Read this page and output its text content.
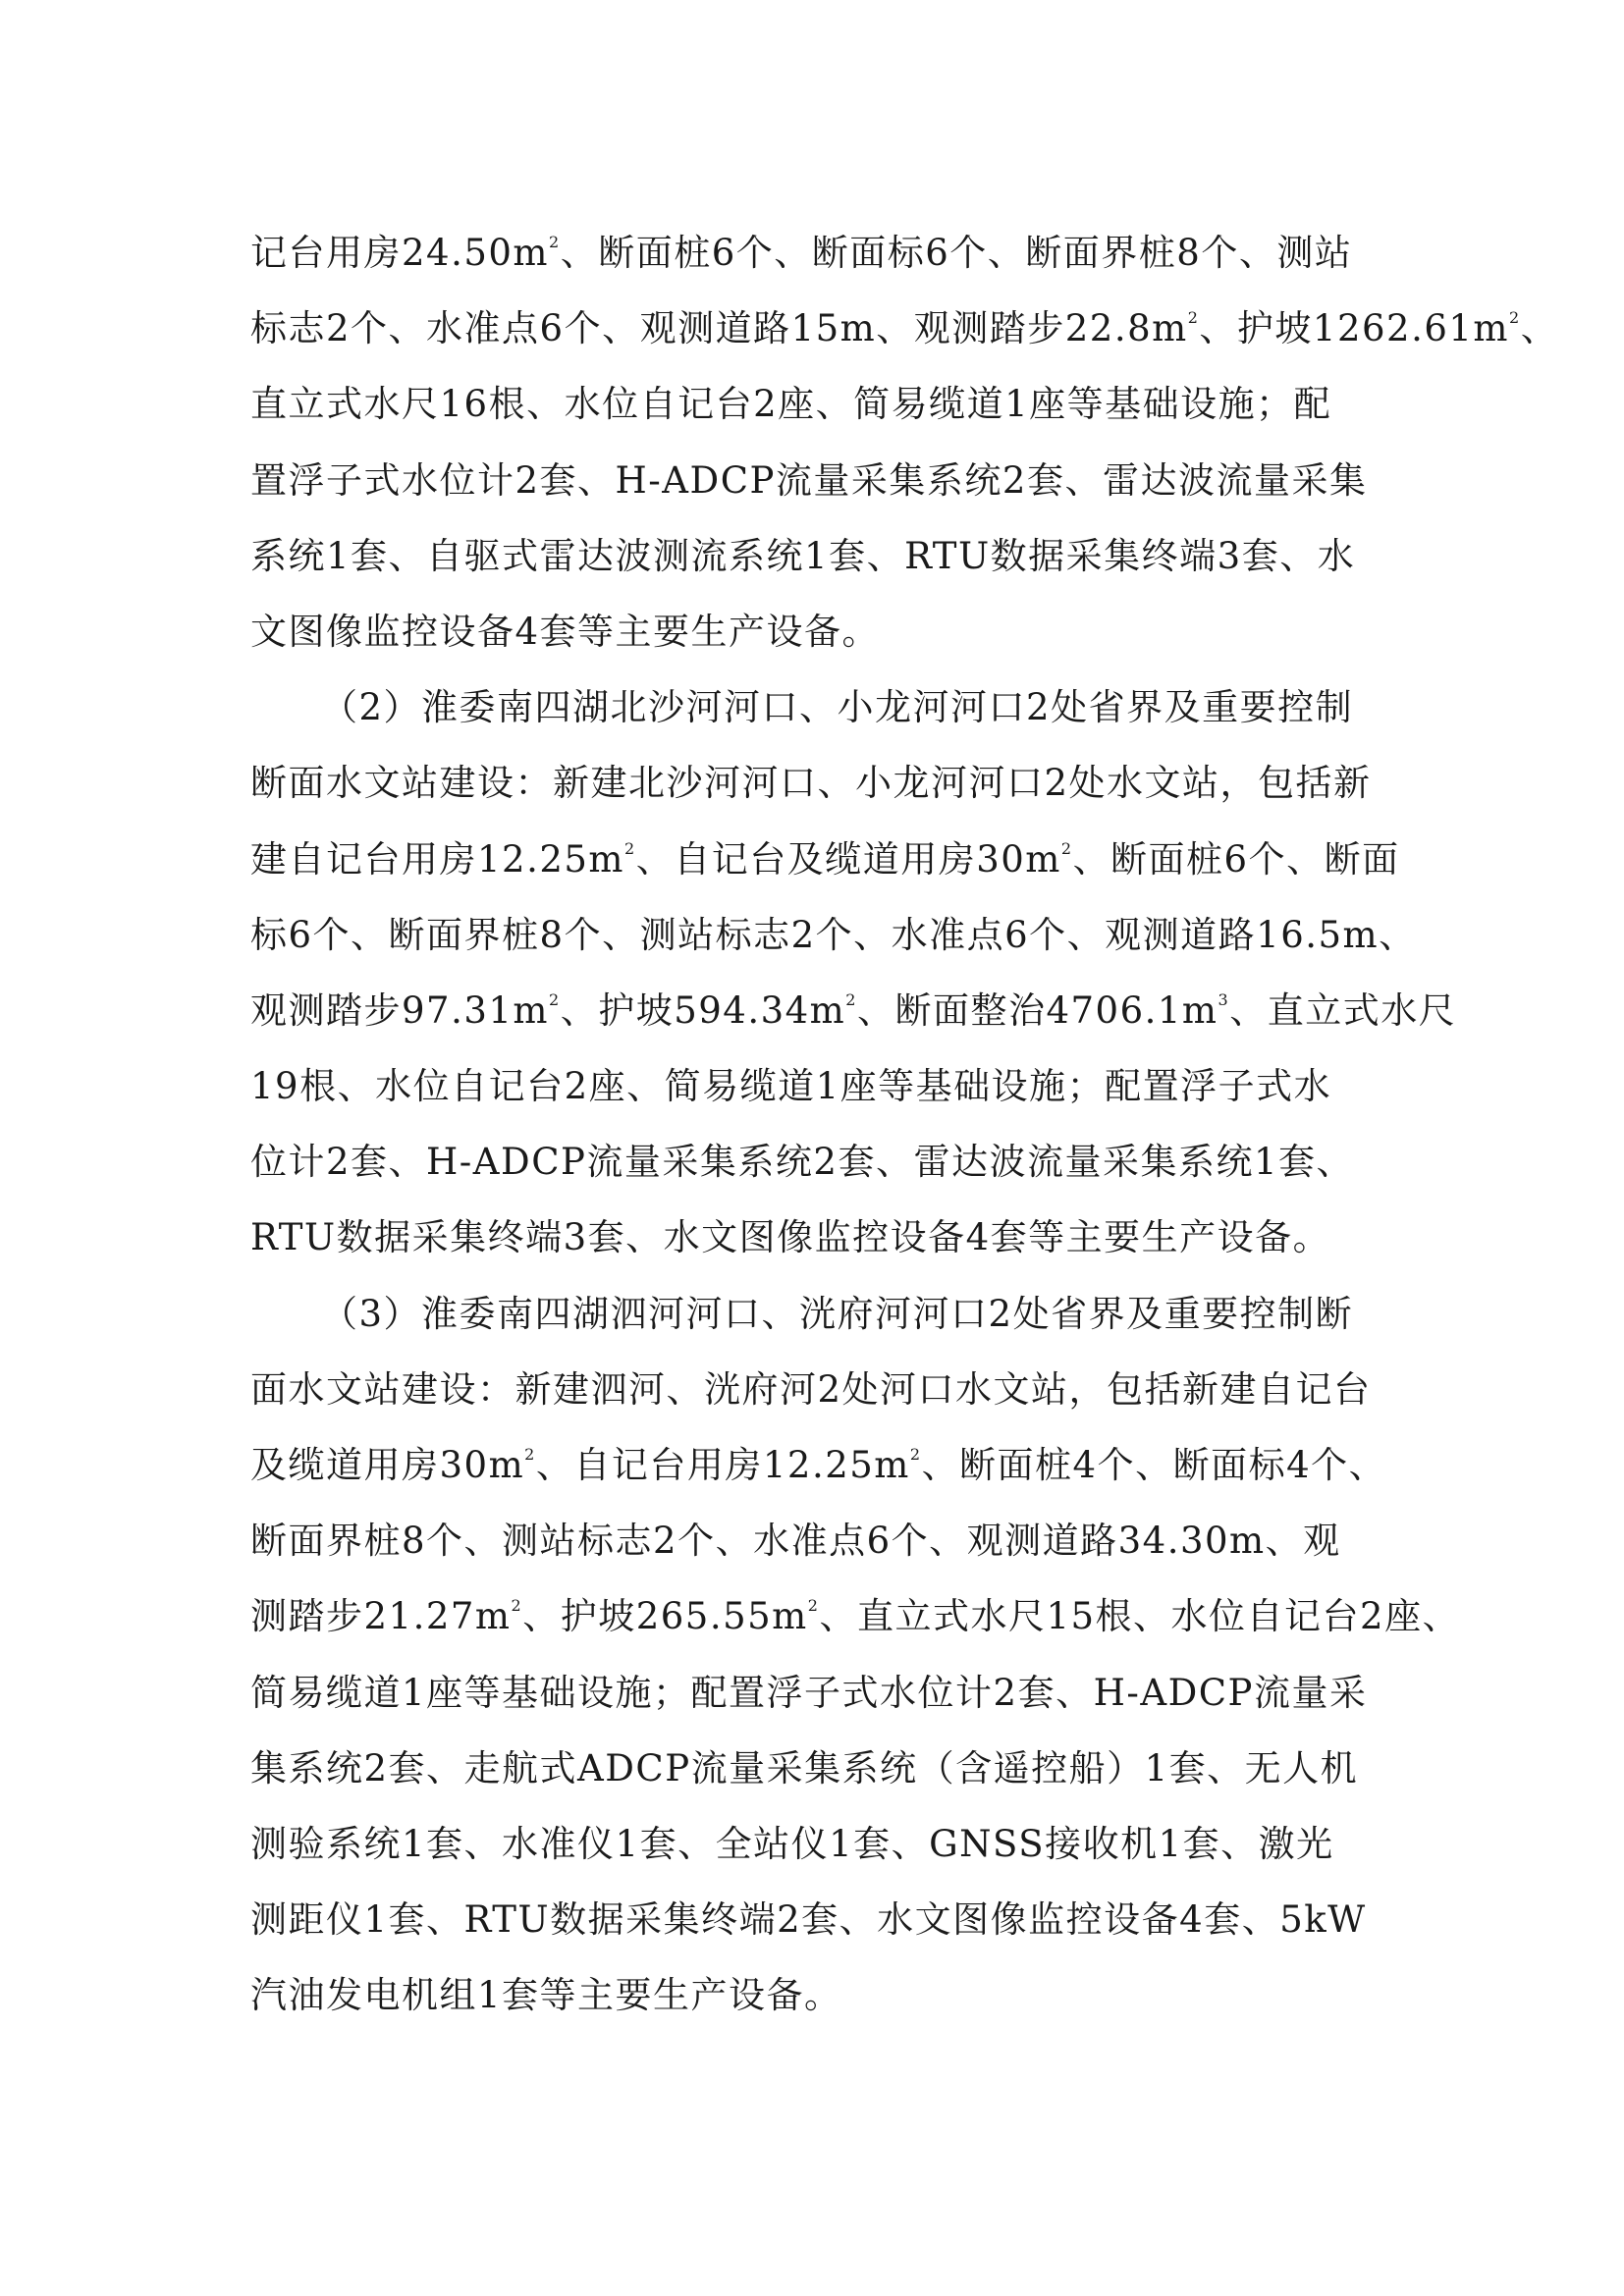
记台用房$24.50m^2$、断面桩6个、断面标6个、断面界桩8个、测站
标志2个、水准点6个、观测道路15m、观测踏步$22.8m^2$、护坡$1262.61m^2$、
直立式水尺16根、水位自记台2座、简易缆道1座等基础设施；配
置浮子式水位计2套、H-ADCP流量采集系统2套、雷达波流量采集
系统1套、自驱式雷达波测流系统1套、RTU数据采集终端3套、水
文图像监控设备4套等主要生产设备。
（2）淮委南四湖北沙河河口、小龙河河口2处省界及重要控制
断面水文站建设：新建北沙河河口、小龙河河口2处水文站，包括新
建自记台用房$12.25m^2$、自记台及缆道用房$30m^2$、断面桩6个、断面
标6个、断面界桩8个、测站标志2个、水准点6个、观测道路16.5m、
观测踏步$97.31m^2$、护坡$594.34m^2$、断面整治$4706.1m^3$、直立式水尺
19根、水位自记台2座、简易缆道1座等基础设施；配置浮子式水
位计2套、H-ADCP流量采集系统2套、雷达波流量采集系统1套、
RTU数据采集终端3套、水文图像监控设备4套等主要生产设备。
（3）淮委南四湖泗河河口、洸府河河口2处省界及重要控制断
面水文站建设：新建泗河、洸府河2处河口水文站，包括新建自记台
及缆道用房$30m^2$、自记台用房$12.25m^2$、断面桩4个、断面标4个、
断面界桩8个、测站标志2个、水准点6个、观测道路34.30m、观
测踏步$21.27m^2$、护坡$265.55m^2$、直立式水尺15根、水位自记台2座、
简易缆道1座等基础设施；配置浮子式水位计2套、H-ADCP流量采
集系统2套、走航式ADCP流量采集系统（含遥控船）1套、无人机
测验系统1套、水准仪1套、全站仪1套、GNSS接收机1套、激光
测距仪1套、RTU数据采集终端2套、水文图像监控设备4套、5kW
汽油发电机组1套等主要生产设备。
